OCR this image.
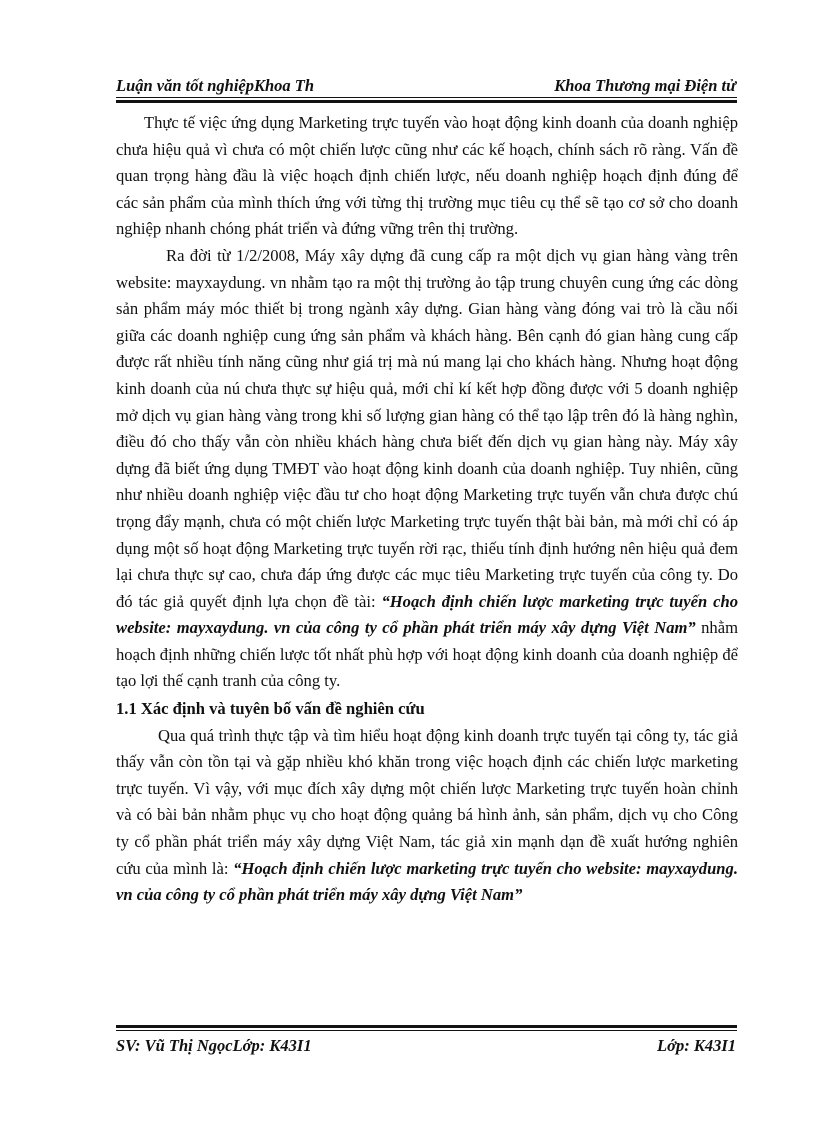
Luận văn tốt nghiệpKhoa Th	Khoa Thương mại Điện tử

Thực tế việc ứng dụng Marketing trực tuyến vào hoạt động kinh doanh của doanh nghiệp chưa hiệu quả vì chưa có một chiến lược cũng như các kế hoạch, chính sách rõ ràng. Vấn đề quan trọng hàng đầu là việc hoạch định chiến lược, nếu doanh nghiệp hoạch định đúng để các sản phẩm của mình thích ứng với từng thị trường mục tiêu cụ thể sẽ tạo cơ sở cho doanh nghiệp nhanh chóng phát triển và đứng vững trên thị trường.

Ra đời từ 1/2/2008, Máy xây dựng đã cung cấp ra một dịch vụ gian hàng vàng trên website: mayxaydung. vn nhằm tạo ra một thị trường ảo tập trung chuyên cung ứng các dòng sản phẩm máy móc thiết bị trong ngành xây dựng. Gian hàng vàng đóng vai trò là cầu nối giữa các doanh nghiệp cung ứng sản phẩm và khách hàng. Bên cạnh đó gian hàng cung cấp được rất nhiều tính năng cũng như giá trị mà nú mang lại cho khách hàng. Nhưng hoạt động kinh doanh của nú chưa thực sự hiệu quả, mới chỉ kí kết hợp đồng được với 5 doanh nghiệp mở dịch vụ gian hàng vàng trong khi số lượng gian hàng có thể tạo lập trên đó là hàng nghìn, điều đó cho thấy vẫn còn nhiều khách hàng chưa biết đến dịch vụ gian hàng này. Máy xây dựng đã biết ứng dụng TMĐT vào hoạt động kinh doanh của doanh nghiệp. Tuy nhiên, cũng như nhiều doanh nghiệp việc đầu tư cho hoạt động Marketing trực tuyến vẫn chưa được chú trọng đẩy mạnh, chưa có một chiến lược Marketing trực tuyến thật bài bản, mà mới chỉ có áp dụng một số hoạt động Marketing trực tuyến rời rạc, thiếu tính định hướng nên hiệu quả đem lại chưa thực sự cao, chưa đáp ứng được các mục tiêu Marketing trực tuyến của công ty. Do đó tác giả quyết định lựa chọn đề tài: “Hoạch định chiến lược marketing trực tuyến cho website: mayxaydung. vn của công ty cổ phần phát triển máy xây dựng Việt Nam” nhằm hoạch định những chiến lược tốt nhất phù hợp với hoạt động kinh doanh của doanh nghiệp để tạo lợi thế cạnh tranh của công ty.

1.1 Xác định và tuyên bố vấn đề nghiên cứu

Qua quá trình thực tập và tìm hiểu hoạt động kinh doanh trực tuyến tại công ty, tác giả thấy vẫn còn tồn tại và gặp nhiều khó khăn trong việc hoạch định các chiến lược marketing trực tuyến. Vì vậy, với mục đích xây dựng một chiến lược Marketing trực tuyến hoàn chỉnh và có bài bản nhằm phục vụ cho hoạt động quảng bá hình ảnh, sản phẩm, dịch vụ cho Công ty cổ phần phát triển máy xây dựng Việt Nam, tác giả xin mạnh dạn đề xuất hướng nghiên cứu của mình là: “Hoạch định chiến lược marketing trực tuyến cho website: mayxaydung. vn của công ty cổ phần phát triển máy xây dựng Việt Nam”

SV: Vũ Thị NgọcLớp: K43I1	Lớp: K43I1
